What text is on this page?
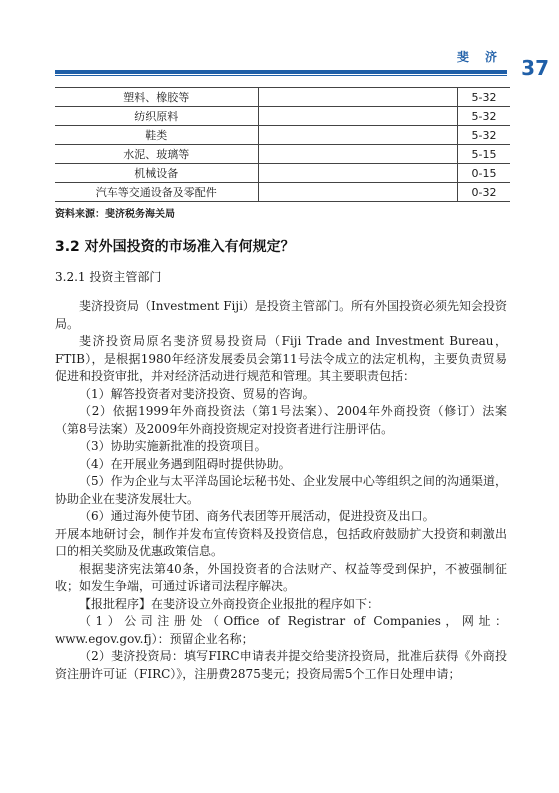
斐 济 37
塑料、橡胶等		5-32

纺织原料		5-32

鞋类		5-32

水泥、玻璃等		5-15

机械设备		0-15

汽车等交通设备及零配件		0-32
资料来源：斐济税务海关局
3.2 对外国投资的市场准入有何规定？
3.2.1 投资主管部门

斐济投资局（Investment Fiji）是投资主管部门。所有外国投资必须先知会投资局。

斐济投资局原名斐济贸易投资局（Fiji Trade and Investment Bureau，FTIB），是根据1980年经济发展委员会第11号法令成立的法定机构，主要负责贸易促进和投资审批，并对经济活动进行规范和管理。其主要职责包括：

（1）解答投资者对斐济投资、贸易的咨询。

（2）依据1999年外商投资法（第1号法案）、2004年外商投资（修订）法案（第8号法案）及2009年外商投资规定对投资者进行注册评估。

（3）协助实施新批准的投资项目。

（4）在开展业务遇到阻碍时提供协助。

（5）作为企业与太平洋岛国论坛秘书处、企业发展中心等组织之间的沟通渠道，协助企业在斐济发展壮大。

（6）通过海外使节团、商务代表团等开展活动，促进投资及出口。

开展本地研讨会，制作并发布宣传资料及投资信息，包括政府鼓励扩大投资和刺激出口的相关奖励及优惠政策信息。

根据斐济宪法第40条，外国投资者的合法财产、权益等受到保护，不被强制征收；如发生争端，可通过诉诸司法程序解决。

【报批程序】在斐济设立外商投资企业报批的程序如下：

（1）公司注册处（Office of Registrar of Companies，网址：www.egov.gov.fj）：预留企业名称；

（2）斐济投资局：填写FIRC申请表并提交给斐济投资局，批准后获得《外商投资注册许可证（FIRC）》，注册费2875斐元；投资局需5个工作日处理申请；
